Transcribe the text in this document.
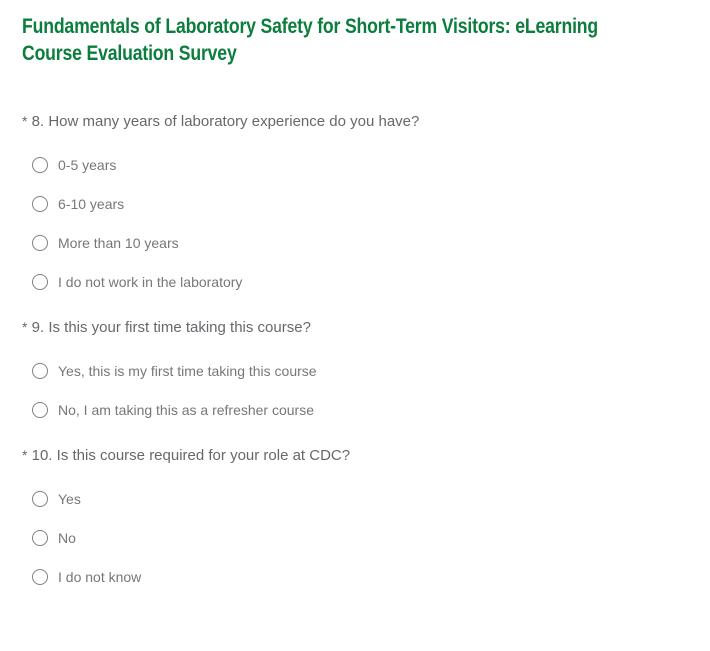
Fundamentals of Laboratory Safety for Short-Term Visitors: eLearning
Course Evaluation Survey
* 8. How many years of laboratory experience do you have?
0-5 years
6-10 years
More than 10 years
I do not work in the laboratory
* 9. Is this your first time taking this course?
Yes, this is my first time taking this course
No, I am taking this as a refresher course
* 10. Is this course required for your role at CDC?
Yes
No
I do not know
